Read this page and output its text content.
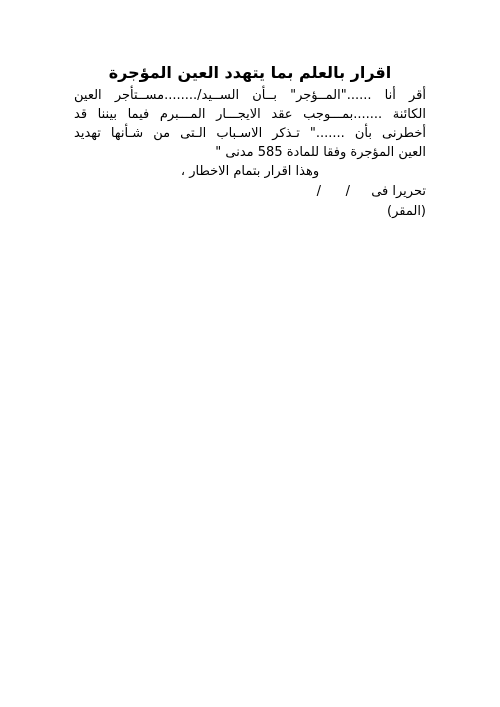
اقرار بالعلم بما يتهدد العين المؤجرة
أقر أنا ......"المــؤجر" بــأن الســيد/........مســتأجر العين
الكائنة .......بمـــوجب عقد الايجـــار المـــبرم فيما بيننا قد
أخطرنى بأن ......." تـذكر الاسـباب الـتى من شـأنها تهديد
العين المؤجرة وفقا للمادة 585 مدنى "
وهذا اقرار بتمام الاخطار ،
تحريرا فى
/
/
(المقر)
